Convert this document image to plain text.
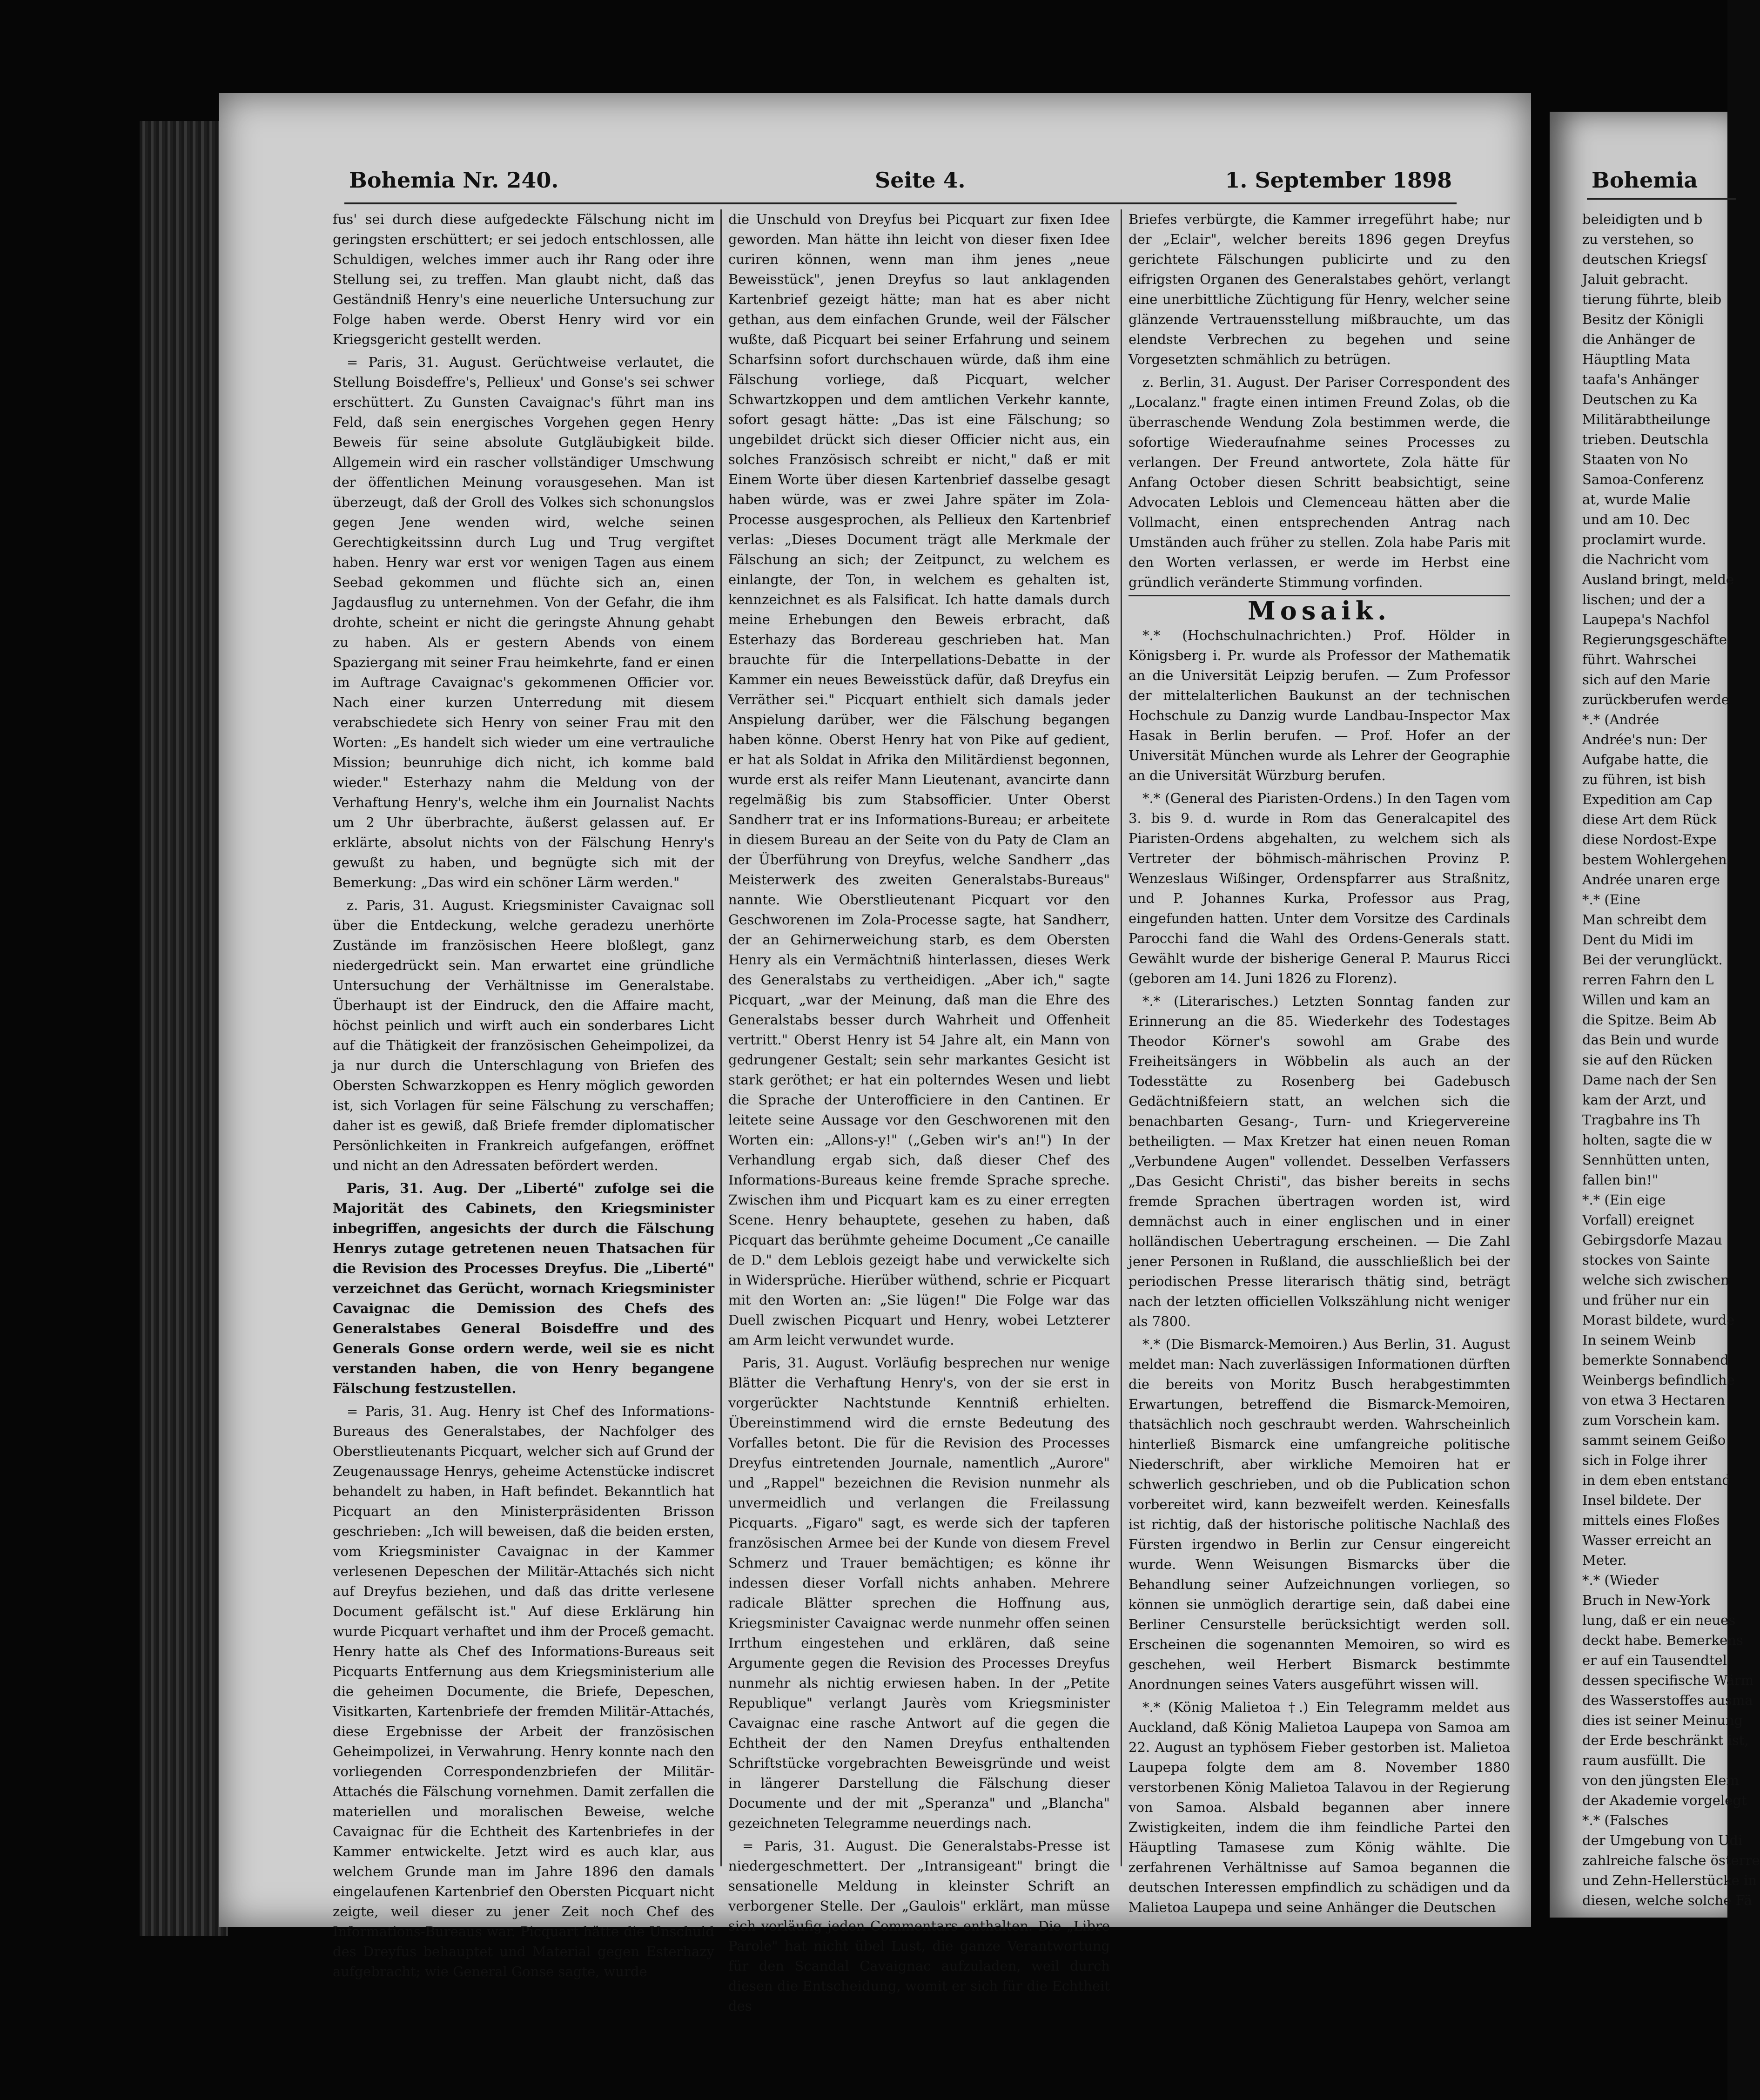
Bohemia Nr. 240.	Seite 4.	1. September 1898

fus' sei durch diese aufgedeckte Fälschung nicht im geringsten erschüttert; er sei jedoch entschlossen, alle Schuldigen, welches immer auch ihr Rang oder ihre Stellung sei, zu treffen. Man glaubt nicht, daß das Geständniß Henry's eine neuerliche Untersuchung zur Folge haben werde. Oberst Henry wird vor ein Kriegsgericht gestellt werden.

= Paris, 31. August. Gerüchtweise verlautet, die Stellung Boisdeffre's, Pellieux' und Gonse's sei schwer erschüttert. Zu Gunsten Cavaignac's führt man ins Feld, daß sein energisches Vorgehen gegen Henry Beweis für seine absolute Gutgläubigkeit bilde. Allgemein wird ein rascher vollständiger Umschwung der öffentlichen Meinung vorausgesehen. Man ist überzeugt, daß der Groll des Volkes sich schonungslos gegen Jene wenden wird, welche seinen Gerechtigkeitssinn durch Lug und Trug vergiftet haben. Henry war erst vor wenigen Tagen aus einem Seebad gekommen und flüchte sich an, einen Jagdausflug zu unternehmen. Von der Gefahr, die ihm drohte, scheint er nicht die geringste Ahnung gehabt zu haben. Als er gestern Abends von einem Spaziergang mit seiner Frau heimkehrte, fand er einen im Auftrage Cavaignac's gekommenen Officier vor. Nach einer kurzen Unterredung mit diesem verabschiedete sich Henry von seiner Frau mit den Worten: „Es handelt sich wieder um eine vertrauliche Mission; beunruhige dich nicht, ich komme bald wieder." Esterhazy nahm die Meldung von der Verhaftung Henry's, welche ihm ein Journalist Nachts um 2 Uhr überbrachte, äußerst gelassen auf. Er erklärte, absolut nichts von der Fälschung Henry's gewußt zu haben, und begnügte sich mit der Bemerkung: „Das wird ein schöner Lärm werden."

z. Paris, 31. August. Kriegsminister Cavaignac soll über die Entdeckung, welche geradezu unerhörte Zustände im französischen Heere bloßlegt, ganz niedergedrückt sein. Man erwartet eine gründliche Untersuchung der Verhältnisse im Generalstabe. Überhaupt ist der Eindruck, den die Affaire macht, höchst peinlich und wirft auch ein sonderbares Licht auf die Thätigkeit der französischen Geheimpolizei, da ja nur durch die Unterschlagung von Briefen des Obersten Schwarzkoppen es Henry möglich geworden ist, sich Vorlagen für seine Fälschung zu verschaffen; daher ist es gewiß, daß Briefe fremder diplomatischer Persönlichkeiten in Frankreich aufgefangen, eröffnet und nicht an den Adressaten befördert werden.

Paris, 31. Aug. Der „Liberté" zufolge sei die Majorität des Cabinets, den Kriegsminister inbegriffen, angesichts der durch die Fälschung Henrys zutage getretenen neuen Thatsachen für die Revision des Processes Dreyfus. Die „Liberté" verzeichnet das Gerücht, wornach Kriegsminister Cavaignac die Demission des Chefs des Generalstabes General Boisdeffre und des Generals Gonse ordern werde, weil sie es nicht verstanden haben, die von Henry begangene Fälschung festzustellen.

= Paris, 31. Aug. Henry ist Chef des Informations-Bureaus des Generalstabes, der Nachfolger des Oberstlieutenants Picquart, welcher sich auf Grund der Zeugenaussage Henrys, geheime Actenstücke indiscret behandelt zu haben, in Haft befindet. Bekanntlich hat Picquart an den Ministerpräsidenten Brisson geschrieben: „Ich will beweisen, daß die beiden ersten, vom Kriegsminister Cavaignac in der Kammer verlesenen Depeschen der Militär-Attachés sich nicht auf Dreyfus beziehen, und daß das dritte verlesene Document gefälscht ist." Auf diese Erklärung hin wurde Picquart verhaftet und ihm der Proceß gemacht. Henry hatte als Chef des Informations-Bureaus seit Picquarts Entfernung aus dem Kriegsministerium alle die geheimen Documente, die Briefe, Depeschen, Visitkarten, Kartenbriefe der fremden Militär-Attachés, diese Ergebnisse der Arbeit der französischen Geheimpolizei, in Verwahrung. Henry konnte nach den vorliegenden Correspondenzbriefen der Militär-Attachés die Fälschung vornehmen. Damit zerfallen die materiellen und moralischen Beweise, welche Cavaignac für die Echtheit des Kartenbriefes in der Kammer entwickelte. Jetzt wird es auch klar, aus welchem Grunde man im Jahre 1896 den damals eingelaufenen Kartenbrief den Obersten Picquart nicht zeigte, weil dieser zu jener Zeit noch Chef des Informations-Bureaus war. Picquart hätte die Unschuld des Dreyfus behauptet und Material gegen Esterhazy aufgebracht; wie General Gonse sagte, wurde

die Unschuld von Dreyfus bei Picquart zur fixen Idee geworden. Man hätte ihn leicht von dieser fixen Idee curiren können, wenn man ihm jenes „neue Beweisstück", jenen Dreyfus so laut anklagenden Kartenbrief gezeigt hätte; man hat es aber nicht gethan, aus dem einfachen Grunde, weil der Fälscher wußte, daß Picquart bei seiner Erfahrung und seinem Scharfsinn sofort durchschauen würde, daß ihm eine Fälschung vorliege, daß Picquart, welcher Schwartzkoppen und dem amtlichen Verkehr kannte, sofort gesagt hätte: „Das ist eine Fälschung; so ungebildet drückt sich dieser Officier nicht aus, ein solches Französisch schreibt er nicht," daß er mit Einem Worte über diesen Kartenbrief dasselbe gesagt haben würde, was er zwei Jahre später im Zola-Processe ausgesprochen, als Pellieux den Kartenbrief verlas: „Dieses Document trägt alle Merkmale der Fälschung an sich; der Zeitpunct, zu welchem es einlangte, der Ton, in welchem es gehalten ist, kennzeichnet es als Falsificat. Ich hatte damals durch meine Erhebungen den Beweis erbracht, daß Esterhazy das Bordereau geschrieben hat. Man brauchte für die Interpellations-Debatte in der Kammer ein neues Beweisstück dafür, daß Dreyfus ein Verräther sei." Picquart enthielt sich damals jeder Anspielung darüber, wer die Fälschung begangen haben könne. Oberst Henry hat von Pike auf gedient, er hat als Soldat in Afrika den Militärdienst begonnen, wurde erst als reifer Mann Lieutenant, avancirte dann regelmäßig bis zum Stabsofficier. Unter Oberst Sandherr trat er ins Informations-Bureau; er arbeitete in diesem Bureau an der Seite von du Paty de Clam an der Überführung von Dreyfus, welche Sandherr „das Meisterwerk des zweiten Generalstabs-Bureaus" nannte. Wie Oberstlieutenant Picquart vor den Geschworenen im Zola-Processe sagte, hat Sandherr, der an Gehirnerweichung starb, es dem Obersten Henry als ein Vermächtniß hinterlassen, dieses Werk des Generalstabs zu vertheidigen. „Aber ich," sagte Picquart, „war der Meinung, daß man die Ehre des Generalstabs besser durch Wahrheit und Offenheit vertritt." Oberst Henry ist 54 Jahre alt, ein Mann von gedrungener Gestalt; sein sehr markantes Gesicht ist stark geröthet; er hat ein polterndes Wesen und liebt die Sprache der Unterofficiere in den Cantinen. Er leitete seine Aussage vor den Geschworenen mit den Worten ein: „Allons-y!" („Geben wir's an!") In der Verhandlung ergab sich, daß dieser Chef des Informations-Bureaus keine fremde Sprache spreche. Zwischen ihm und Picquart kam es zu einer erregten Scene. Henry behauptete, gesehen zu haben, daß Picquart das berühmte geheime Document „Ce canaille de D." dem Leblois gezeigt habe und verwickelte sich in Widersprüche. Hierüber wüthend, schrie er Picquart mit den Worten an: „Sie lügen!" Die Folge war das Duell zwischen Picquart und Henry, wobei Letzterer am Arm leicht verwundet wurde.

Paris, 31. August. Vorläufig besprechen nur wenige Blätter die Verhaftung Henry's, von der sie erst in vorgerückter Nachtstunde Kenntniß erhielten. Übereinstimmend wird die ernste Bedeutung des Vorfalles betont. Die für die Revision des Processes Dreyfus eintretenden Journale, namentlich „Aurore" und „Rappel" bezeichnen die Revision nunmehr als unvermeidlich und verlangen die Freilassung Picquarts. „Figaro" sagt, es werde sich der tapferen französischen Armee bei der Kunde von diesem Frevel Schmerz und Trauer bemächtigen; es könne ihr indessen dieser Vorfall nichts anhaben. Mehrere radicale Blätter sprechen die Hoffnung aus, Kriegsminister Cavaignac werde nunmehr offen seinen Irrthum eingestehen und erklären, daß seine Argumente gegen die Revision des Processes Dreyfus nunmehr als nichtig erwiesen haben. In der „Petite Republique" verlangt Jaurès vom Kriegsminister Cavaignac eine rasche Antwort auf die gegen die Echtheit der den Namen Dreyfus enthaltenden Schriftstücke vorgebrachten Beweisgründe und weist in längerer Darstellung die Fälschung dieser Documente und der mit „Speranza" und „Blancha" gezeichneten Telegramme neuerdings nach.

= Paris, 31. August. Die Generalstabs-Presse ist niedergeschmettert. Der „Intransigeant" bringt die sensationelle Meldung in kleinster Schrift an verborgener Stelle. Der „Gaulois" erklärt, man müsse sich vorläufig jeden Commentars enthalten. Die „Libre Parole" hat nicht übel Lust, die ganze Verantwortung für den Scandal Cavaignac aufzuladen, weil durch diesen die Entscheidung, womit er sich für die Echtheit des

Briefes verbürgte, die Kammer irregeführt habe; nur der „Eclair", welcher bereits 1896 gegen Dreyfus gerichtete Fälschungen publicirte und zu den eifrigsten Organen des Generalstabes gehört, verlangt eine unerbittliche Züchtigung für Henry, welcher seine glänzende Vertrauensstellung mißbrauchte, um das elendste Verbrechen zu begehen und seine Vorgesetzten schmählich zu betrügen.

z. Berlin, 31. August. Der Pariser Correspondent des „Localanz." fragte einen intimen Freund Zolas, ob die überraschende Wendung Zola bestimmen werde, die sofortige Wiederaufnahme seines Processes zu verlangen. Der Freund antwortete, Zola hätte für Anfang October diesen Schritt beabsichtigt, seine Advocaten Leblois und Clemenceau hätten aber die Vollmacht, einen entsprechenden Antrag nach Umständen auch früher zu stellen. Zola habe Paris mit den Worten verlassen, er werde im Herbst eine gründlich veränderte Stimmung vorfinden.

Mosaik.

*.* (Hochschulnachrichten.) Prof. Hölder in Königsberg i. Pr. wurde als Professor der Mathematik an die Universität Leipzig berufen. — Zum Professor der mittelalterlichen Baukunst an der technischen Hochschule zu Danzig wurde Landbau-Inspector Max Hasak in Berlin berufen. — Prof. Hofer an der Universität München wurde als Lehrer der Geographie an die Universität Würzburg berufen.

*.* (General des Piaristen-Ordens.) In den Tagen vom 3. bis 9. d. wurde in Rom das Generalcapitel des Piaristen-Ordens abgehalten, zu welchem sich als Vertreter der böhmisch-mährischen Provinz P. Wenzeslaus Wißinger, Ordenspfarrer aus Straßnitz, und P. Johannes Kurka, Professor aus Prag, eingefunden hatten. Unter dem Vorsitze des Cardinals Parocchi fand die Wahl des Ordens-Generals statt. Gewählt wurde der bisherige General P. Maurus Ricci (geboren am 14. Juni 1826 zu Florenz).

*.* (Literarisches.) Letzten Sonntag fanden zur Erinnerung an die 85. Wiederkehr des Todestages Theodor Körner's sowohl am Grabe des Freiheitsängers in Wöbbelin als auch an der Todesstätte zu Rosenberg bei Gadebusch Gedächtnißfeiern statt, an welchen sich die benachbarten Gesang-, Turn- und Kriegervereine betheiligten. — Max Kretzer hat einen neuen Roman „Verbundene Augen" vollendet. Desselben Verfassers „Das Gesicht Christi", das bisher bereits in sechs fremde Sprachen übertragen worden ist, wird demnächst auch in einer englischen und in einer holländischen Uebertragung erscheinen. — Die Zahl jener Personen in Rußland, die ausschließlich bei der periodischen Presse literarisch thätig sind, beträgt nach der letzten officiellen Volkszählung nicht weniger als 7800.

*.* (Die Bismarck-Memoiren.) Aus Berlin, 31. August meldet man: Nach zuverlässigen Informationen dürften die bereits von Moritz Busch herabgestimmten Erwartungen, betreffend die Bismarck-Memoiren, thatsächlich noch geschraubt werden. Wahrscheinlich hinterließ Bismarck eine umfangreiche politische Niederschrift, aber wirkliche Memoiren hat er schwerlich geschrieben, und ob die Publication schon vorbereitet wird, kann bezweifelt werden. Keinesfalls ist richtig, daß der historische politische Nachlaß des Fürsten irgendwo in Berlin zur Censur eingereicht wurde. Wenn Weisungen Bismarcks über die Behandlung seiner Aufzeichnungen vorliegen, so können sie unmöglich derartige sein, daß dabei eine Berliner Censurstelle berücksichtigt werden soll. Erscheinen die sogenannten Memoiren, so wird es geschehen, weil Herbert Bismarck bestimmte Anordnungen seines Vaters ausgeführt wissen will.

*.* (König Malietoa †.) Ein Telegramm meldet aus Auckland, daß König Malietoa Laupepa von Samoa am 22. August an typhösem Fieber gestorben ist. Malietoa Laupepa folgte dem am 8. November 1880 verstorbenen König Malietoa Talavou in der Regierung von Samoa. Alsbald begannen aber innere Zwistigkeiten, indem die ihm feindliche Partei den Häuptling Tamasese zum König wählte. Die zerfahrenen Verhältnisse auf Samoa begannen die deutschen Interessen empfindlich zu schädigen und da Malietoa Laupepa und seine Anhänger die Deutschen

Bohemia
beleidigten und b
zu verstehen, so
deutschen Kriegsſ
Jaluit gebracht.
tierung führte, bleib
Besitz der Königli
die Anhänger de
Häuptling Mata
taafa's Anhänger
Deutschen zu Ka
Militärabtheilunge
trieben. Deutschla
Staaten von No
Samoa-Conferenz
at, wurde Malie
und am 10. Dec
proclamirt wurde.
die Nachricht vom
Ausland bringt, melde
lischen; und der a
Laupepa's Nachfol
Regierungsgeschäfte
führt. Wahrschei
sich auf den Marie
zurückberufen werde
*.* (Andrée
Andrée's nun: Der
Aufgabe hatte, die
zu führen, ist bish
Expedition am Cap
diese Art dem Rück
diese Nordost-Expe
bestem Wohlergehen
Andrée unaren erge
*.* (Eine
Man schreibt dem
Dent du Midi im
Bei der verunglückt.
rerren Fahrn den L
Willen und kam an
die Spitze. Beim Ab
das Bein und wurde
sie auf den Rücken
Dame nach der Sen
kam der Arzt, und
Tragbahre ins Th
holten, sagte die w
Sennhütten unten,
fallen bin!"
*.* (Ein eige
Vorfall) ereignet
Gebirgsdorfe Mazau
stockes von Sainte
welche sich zwischen
und früher nur ein
Morast bildete, wurde
In seinem Weinb
bemerkte Sonnabend
Weinbergs befindliche
von etwa 3 Hectaren
zum Vorschein kam.
sammt seinem Geißo
sich in Folge ihrer
in dem eben entstand
Insel bildete. Der
mittels eines Floßes
Wasser erreicht an
Meter.
*.* (Wieder
Bruch in New-York
lung, daß er ein neues
deckt habe. Bemerkens
er auf ein Tausendtel
dessen specifische Wärm
des Wasserstoffes ausma
dies ist seiner Meinung
der Erde beschränkt ist,
raum ausfüllt. Die
von den jüngsten Elem
der Akademie vorgelegt
*.* (Falsches
der Umgebung von Udi
zahlreiche falsche österre
und Zehn-Hellerstücke in
diesen, welche solche Fä
